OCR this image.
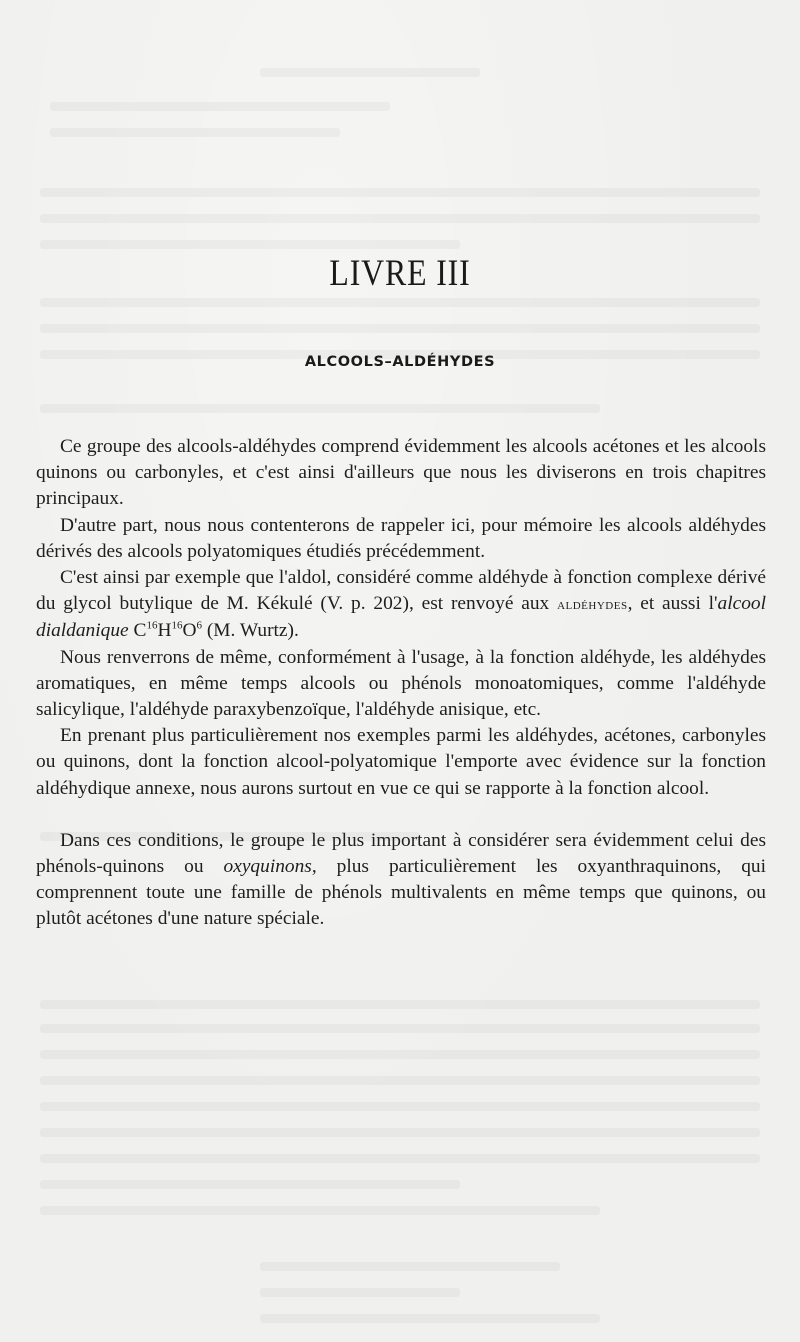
LIVRE III
ALCOOLS–ALDÉHYDES

Ce groupe des alcools-aldéhydes comprend évidemment les alcools acétones et les alcools quinons ou carbonyles, et c'est ainsi d'ailleurs que nous les diviserons en trois chapitres principaux.

D'autre part, nous nous contenterons de rappeler ici, pour mémoire les alcools aldéhydes dérivés des alcools polyatomiques étudiés précédemment.

C'est ainsi par exemple que l'aldol, considéré comme aldéhyde à fonction complexe dérivé du glycol butylique de M. Kékulé (V. p. 202), est renvoyé aux aldéhydes, et aussi l'alcool dialdanique $C^{16}H^{16}O^6$ (M. Wurtz).

Nous renverrons de même, conformément à l'usage, à la fonction aldéhyde, les aldéhydes aromatiques, en même temps alcools ou phénols monoatomiques, comme l'aldéhyde salicylique, l'aldéhyde paraxybenzoïque, l'aldéhyde anisique, etc.

En prenant plus particulièrement nos exemples parmi les aldéhydes, acétones, carbonyles ou quinons, dont la fonction alcool-polyatomique l'emporte avec évidence sur la fonction aldéhydique annexe, nous aurons surtout en vue ce qui se rapporte à la fonction alcool.

Dans ces conditions, le groupe le plus important à considérer sera évidemment celui des phénols-quinons ou oxyquinons, plus particulièrement les oxyanthraquinons, qui comprennent toute une famille de phénols multivalents en même temps que quinons, ou plutôt acétones d'une nature spéciale.
